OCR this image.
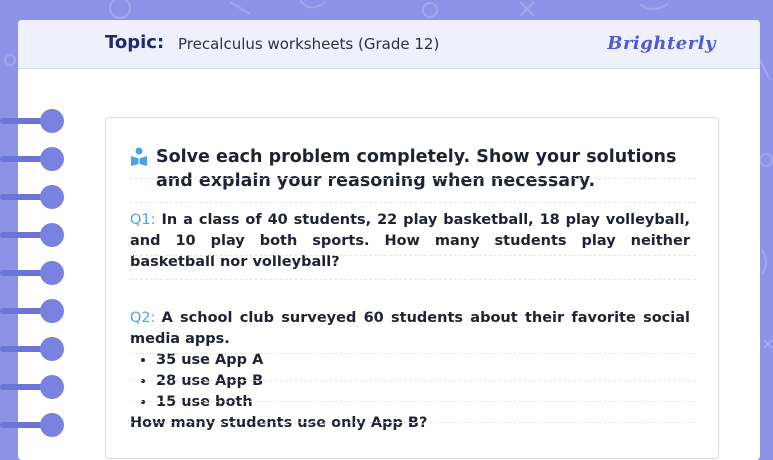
Topic: Precalculus worksheets (Grade 12)	Brighterly
Solve each problem completely. Show your solutions and explain your reasoning when necessary.
Q1: In a class of 40 students, 22 play basketball, 18 play volleyball, and 10 play both sports. How many students play neither basketball nor volleyball?
Q2: A school club surveyed 60 students about their favorite social media apps.
• 35 use App A
• 28 use App B
• 15 use both
How many students use only App B?
